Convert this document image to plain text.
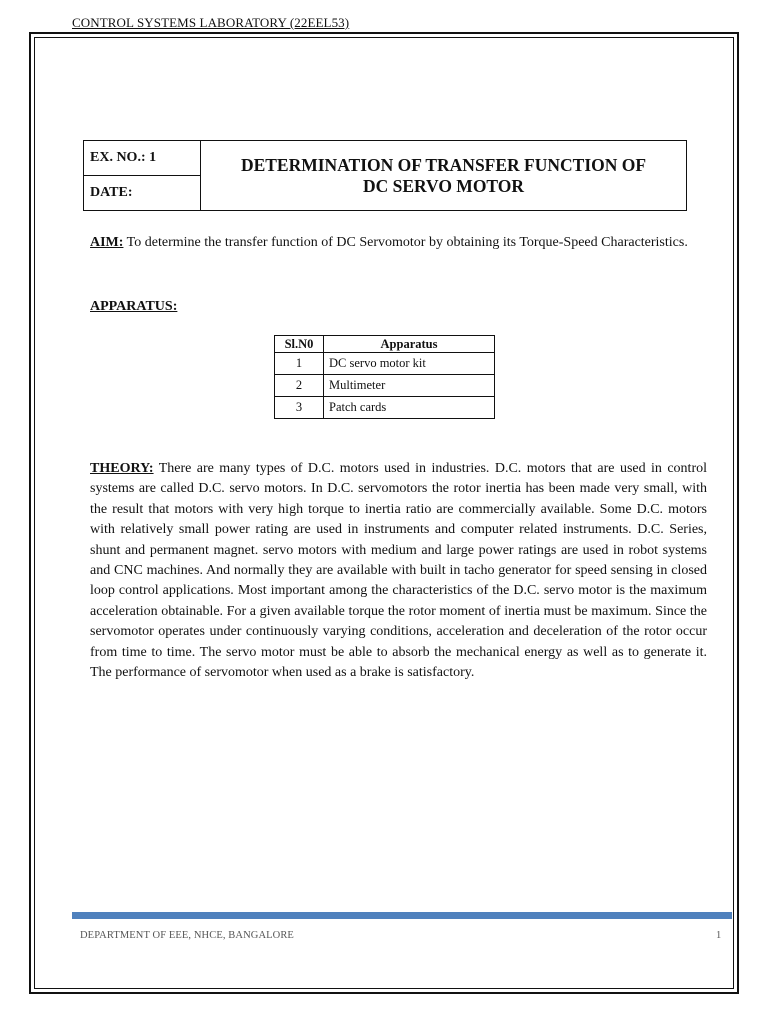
CONTROL SYSTEMS LABORATORY (22EEL53)
EX. NO.: 1	DETERMINATION OF TRANSFER FUNCTION OF
DC SERVO MOTOR

DATE:
AIM: To determine the transfer function of DC Servomotor by obtaining its Torque-Speed Characteristics.
APPARATUS:
Sl.N0	Apparatus
1	DC servo motor kit
2	Multimeter
3	Patch cards
THEORY: There are many types of D.C. motors used in industries. D.C. motors that are used in control systems are called D.C. servo motors. In D.C. servomotors the rotor inertia has been made very small, with the result that motors with very high torque to inertia ratio are commercially available. Some D.C. motors with relatively small power rating are used in instruments and computer related instruments. D.C. Series, shunt and permanent magnet. servo motors with medium and large power ratings are used in robot systems and CNC machines. And normally they are available with built in tacho generator for speed sensing in closed loop control applications. Most important among the characteristics of the D.C. servo motor is the maximum acceleration obtainable. For a given available torque the rotor moment of inertia must be maximum. Since the servomotor operates under continuously varying conditions, acceleration and deceleration of the rotor occur from time to time. The servo motor must be able to absorb the mechanical energy as well as to generate it. The performance of servomotor when used as a brake is satisfactory.
DEPARTMENT OF EEE, NHCE, BANGALORE	1
